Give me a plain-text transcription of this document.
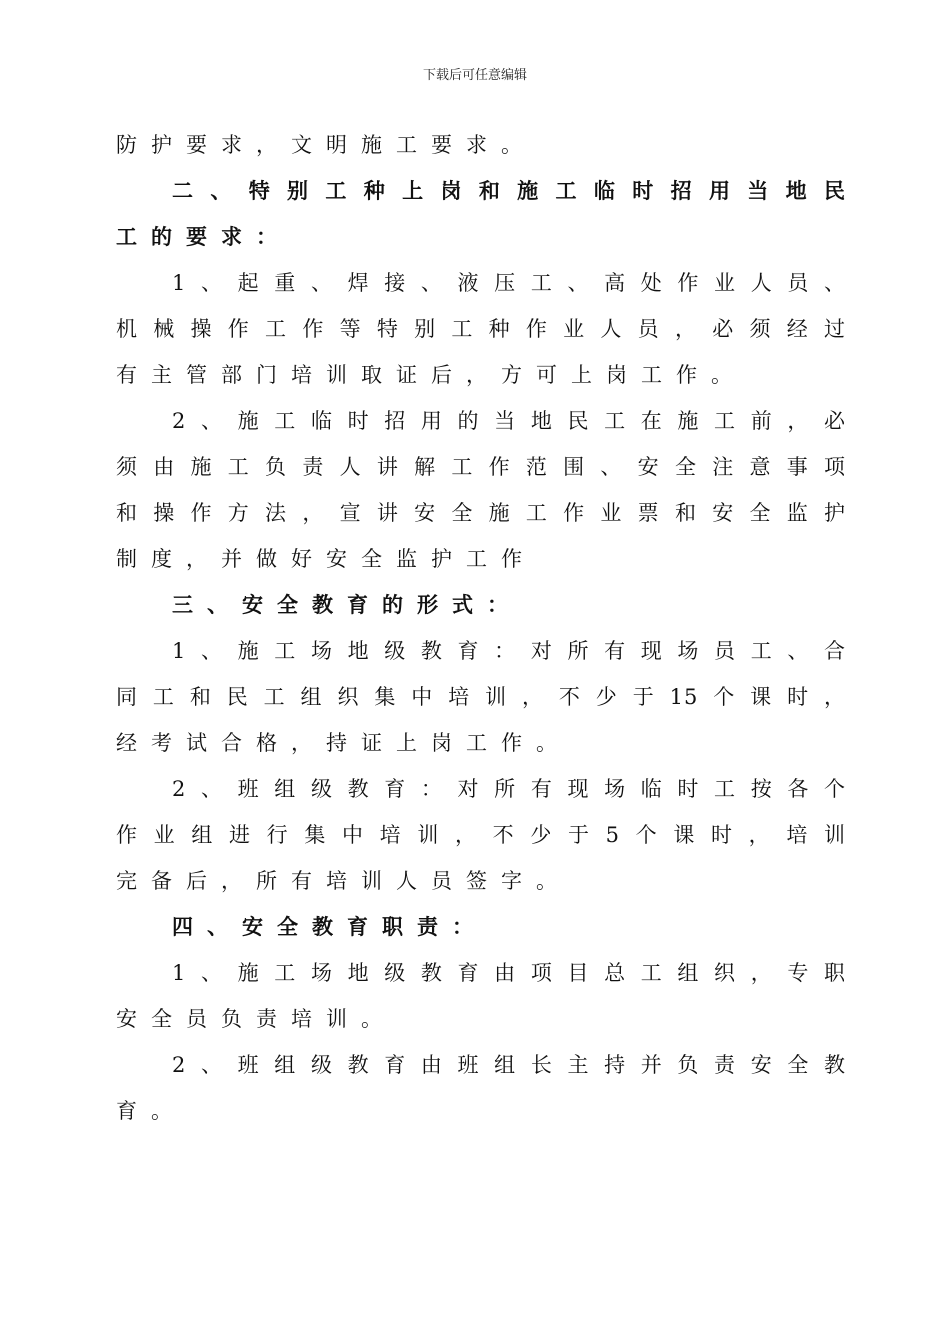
下载后可任意编辑
防护要求，文明施工要求。
二、特别工种上岗和施工临时招用当地民
工的要求：
1、起重、焊接、液压工、高处作业人员、
机械操作工作等特别工种作业人员，必须经过
有主管部门培训取证后，方可上岗工作。
2、施工临时招用的当地民工在施工前，必
须由施工负责人讲解工作范围、安全注意事项
和操作方法，宣讲安全施工作业票和安全监护
制度，并做好安全监护工作
三、安全教育的形式：
1、施工场地级教育：对所有现场员工、合
同工和民工组织集中培训，不少于15个课时，
经考试合格，持证上岗工作。
2、班组级教育：对所有现场临时工按各个
作业组进行集中培训，不少于5个课时，培训
完备后，所有培训人员签字。
四、安全教育职责：
1、施工场地级教育由项目总工组织，专职
安全员负责培训。
2、班组级教育由班组长主持并负责安全教
育。
